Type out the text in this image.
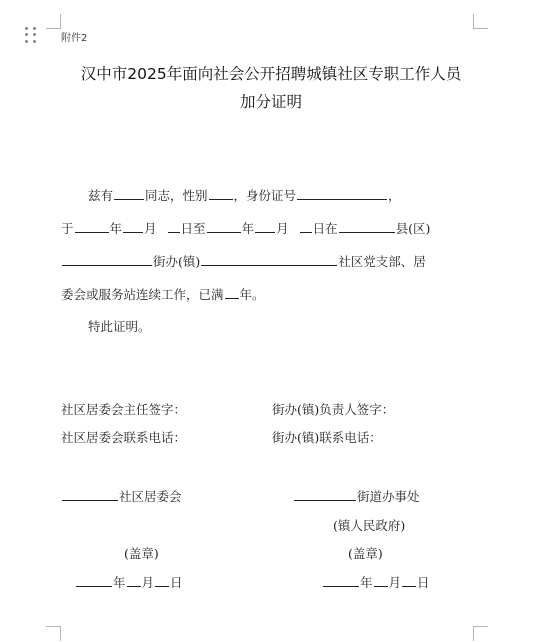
附件2
汉中市2025年面向社会公开招聘城镇社区专职工作人员
加分证明
兹有	同志，性别 ，身份证号	，
于	年 月 日至	年 月 日在	县(区)
街办(镇)	社区党支部、居
委会或服务站连续工作，已满 年。
特此证明。
社区居委会主任签字：	街办(镇)负责人签字：
社区居委会联系电话：	街办(镇)联系电话：
社区居委会	街道办事处
(镇人民政府)
(盖章)	(盖章)
年 月 日	年 月 日
